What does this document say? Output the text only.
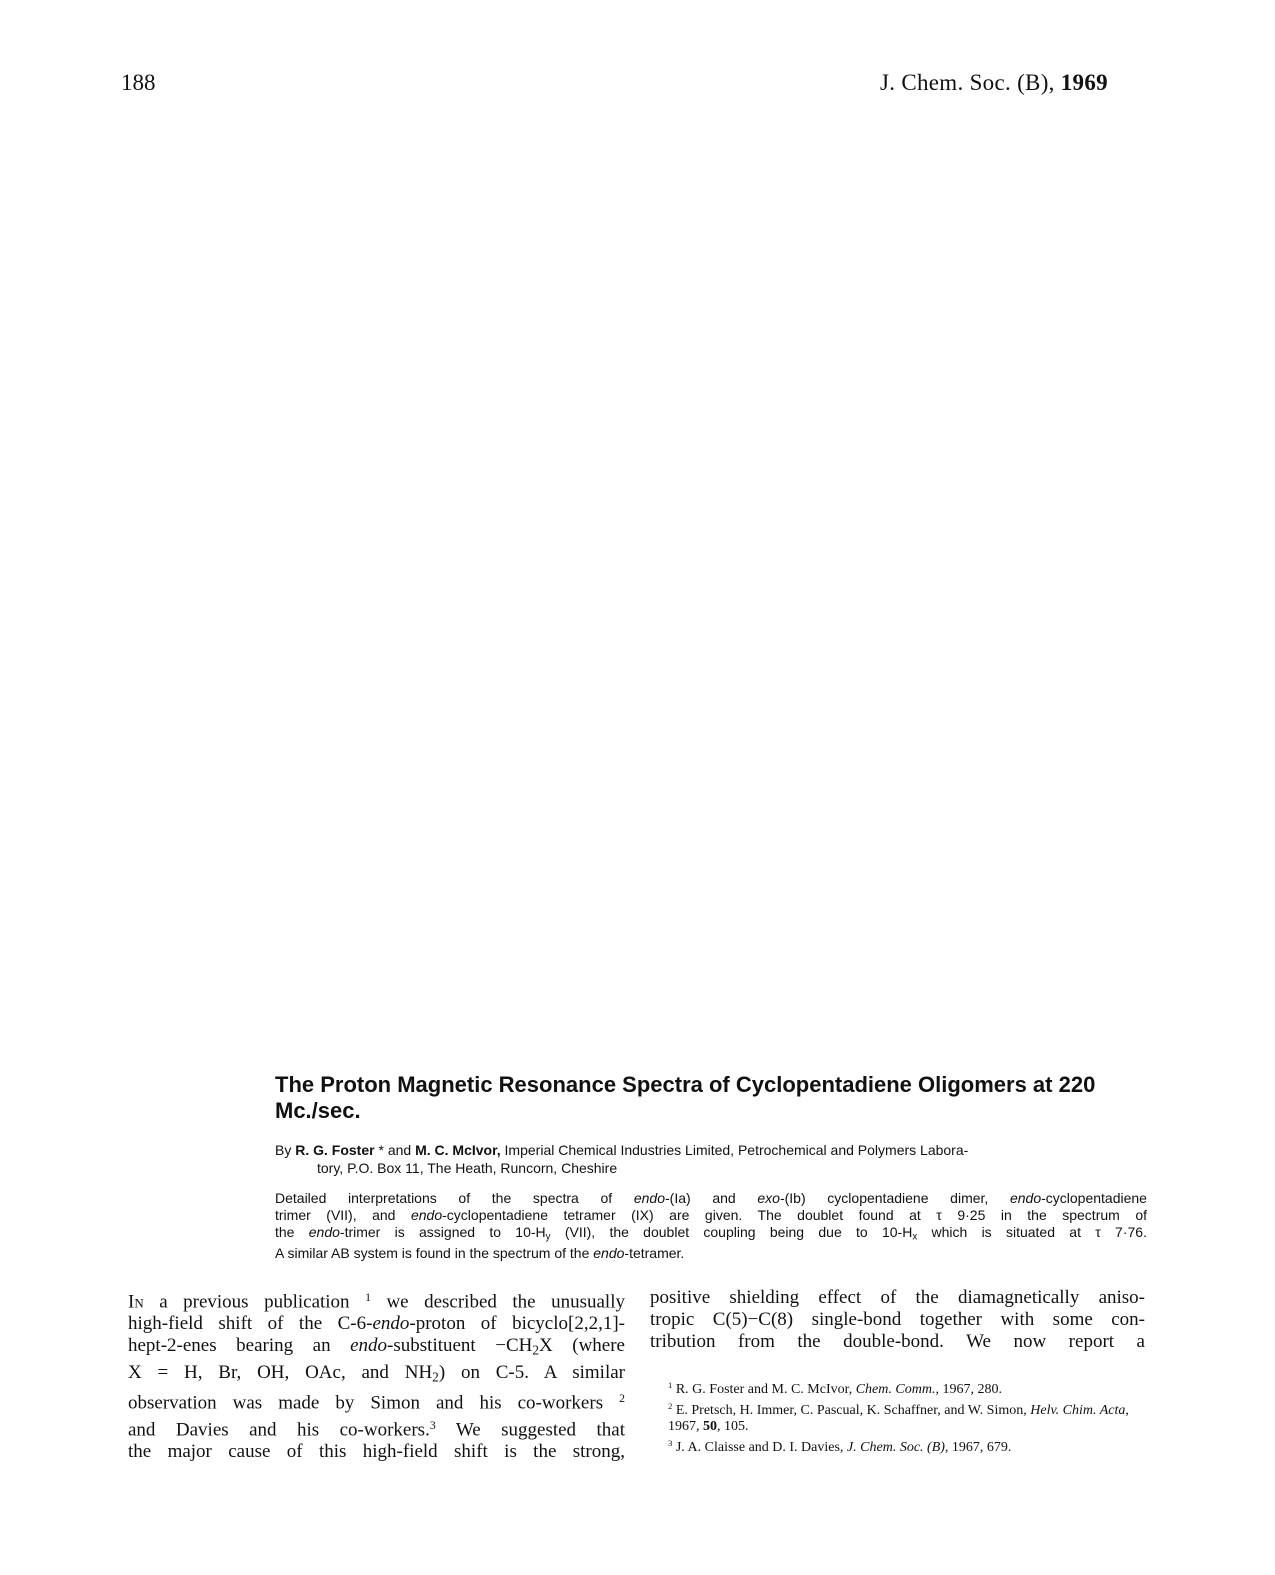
188	J. Chem. Soc. (B), 1969
The Proton Magnetic Resonance Spectra of Cyclopentadiene Oligomers at 220 Mc./sec.
By R. G. Foster * and M. C. McIvor, Imperial Chemical Industries Limited, Petrochemical and Polymers Labora-
tory, P.O. Box 11, The Heath, Runcorn, Cheshire
Detailed interpretations of the spectra of endo-(Ia) and exo-(Ib) cyclopentadiene dimer, endo-cyclopentadiene
trimer (VII), and endo-cyclopentadiene tetramer (IX) are given. The doublet found at τ 9·25 in the spectrum of
the endo-trimer is assigned to $10-H_y$ (VII), the doublet coupling being due to $10-H_x$ which is situated at τ 7·76.
A similar AB system is found in the spectrum of the endo-tetramer.
In a previous publication $^1$ we described the unusually
high-field shift of the C-6-endo-proton of bicyclo[2,2,1]-
hept-2-enes bearing an endo-substituent $-CH_2X$ (where
X = H, Br, OH, OAc, and $NH_2$) on C-5. A similar
observation was made by Simon and his co-workers $^2$
and Davies and his co-workers.$^3$ We suggested that
the major cause of this high-field shift is the strong,
positive shielding effect of the diamagnetically aniso-
tropic C(5)−C(8) single-bond together with some con-
tribution from the double-bond. We now report a
$^1$ R. G. Foster and M. C. McIvor, Chem. Comm., 1967, 280.
$^2$ E. Pretsch, H. Immer, C. Pascual, K. Schaffner, and W. Simon, Helv. Chim. Acta, 1967, 50, 105.
$^3$ J. A. Claisse and D. I. Davies, J. Chem. Soc. (B), 1967, 679.
